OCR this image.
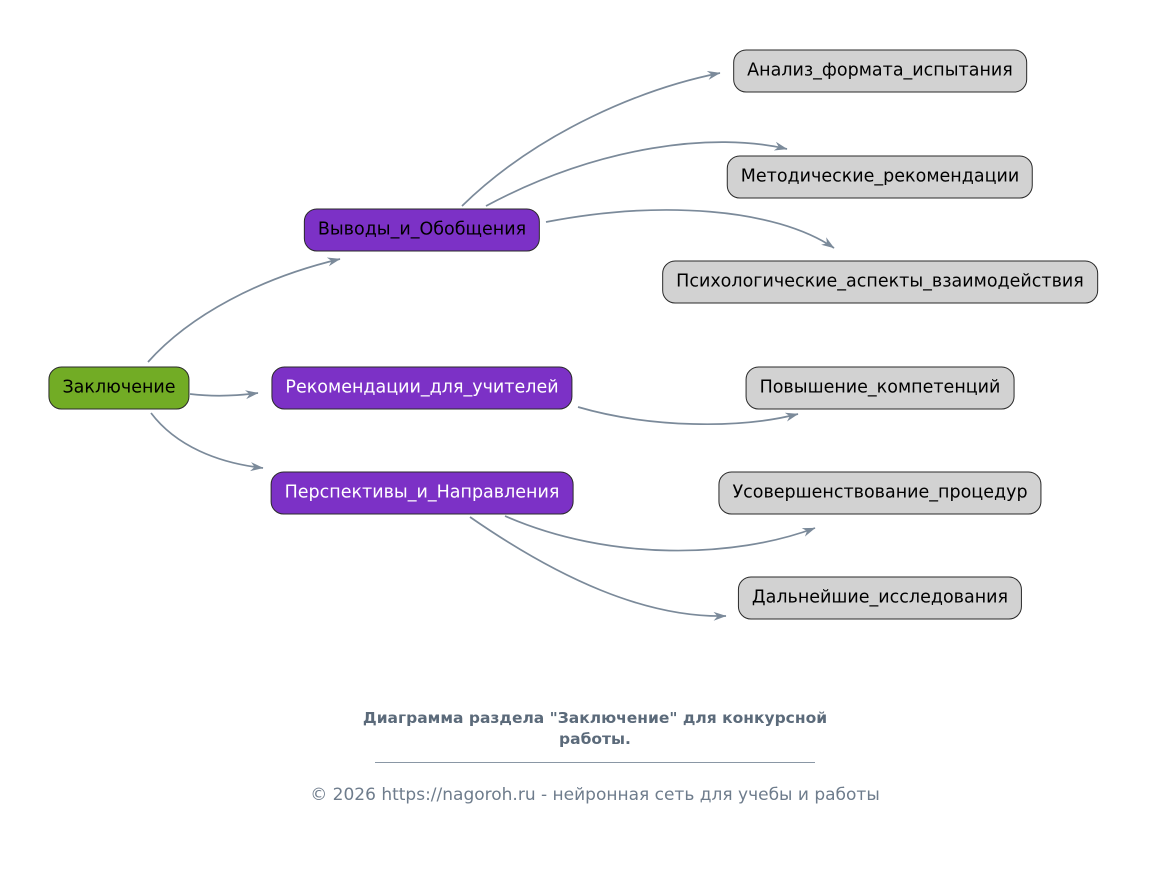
Заключение
Выводы_и_Обобщения
Рекомендации_для_учителей
Перспективы_и_Направления
Анализ_формата_испытания
Методические_рекомендации
Психологические_аспекты_взаимодействия
Повышение_компетенций
Усовершенствование_процедур
Дальнейшие_исследования
Диаграмма раздела "Заключение" для конкурсной работы.
© 2026 https://nagoroh.ru - нейронная сеть для учебы и работы
